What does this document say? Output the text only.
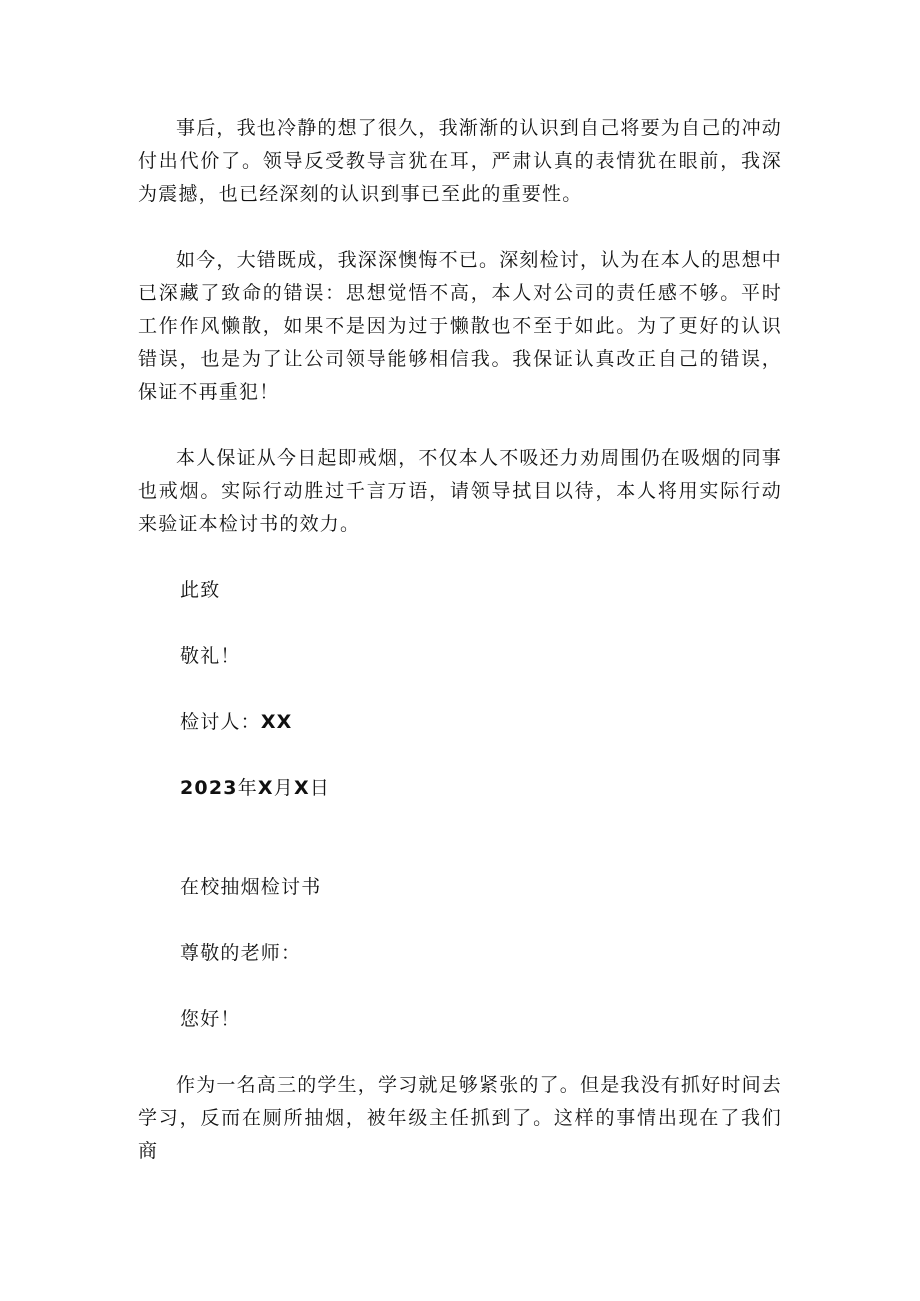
事后，我也冷静的想了很久，我渐渐的认识到自己将要为自己的冲动付出代价了。领导反受教导言犹在耳，严肃认真的表情犹在眼前，我深为震撼，也已经深刻的认识到事已至此的重要性。

如今，大错既成，我深深懊悔不已。深刻检讨，认为在本人的思想中已深藏了致命的错误：思想觉悟不高，本人对公司的责任感不够。平时工作作风懒散，如果不是因为过于懒散也不至于如此。为了更好的认识错误，也是为了让公司领导能够相信我。我保证认真改正自己的错误，保证不再重犯！

本人保证从今日起即戒烟，不仅本人不吸还力劝周围仍在吸烟的同事也戒烟。实际行动胜过千言万语，请领导拭目以待，本人将用实际行动来验证本检讨书的效力。

此致

敬礼！

检讨人：XX

2023年X月X日

在校抽烟检讨书

尊敬的老师：

您好！

作为一名高三的学生，学习就足够紧张的了。但是我没有抓好时间去学习，反而在厕所抽烟，被年级主任抓到了。这样的事情出现在了我们商
